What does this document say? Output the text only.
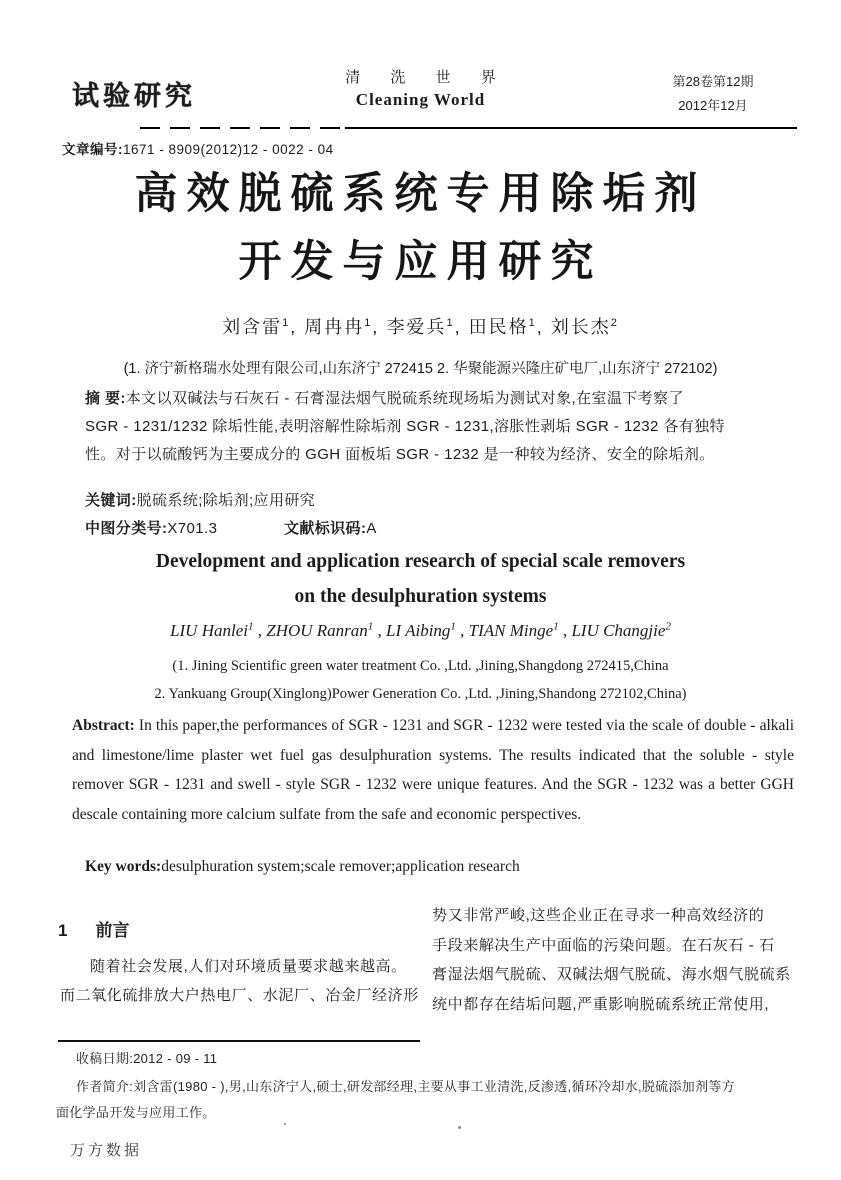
试验研究
清 洗 世 界
Cleaning World
第28卷第12期
2012年12月
文章编号:1671 - 8909(2012)12 - 0022 - 04
高效脱硫系统专用除垢剂
开发与应用研究
刘含雷$^1$, 周冉冉$^1$, 李爱兵$^1$, 田民格$^1$, 刘长杰$^2$
(1. 济宁新格瑞水处理有限公司,山东济宁 272415 2. 华聚能源兴隆庄矿电厂,山东济宁 272102)
摘 要:本文以双碱法与石灰石 - 石膏湿法烟气脱硫系统现场垢为测试对象,在室温下考察了
SGR - 1231/1232 除垢性能,表明溶解性除垢剂 SGR - 1231,溶胀性剥垢 SGR - 1232 各有独特
性。对于以硫酸钙为主要成分的 GGH 面板垢 SGR - 1232 是一种较为经济、安全的除垢剂。
关键词:脱硫系统;除垢剂;应用研究
中图分类号:X701.3	文献标识码:A
Development and application research of special scale removers
on the desulphuration systems
LIU Hanlei$^1$ , ZHOU Ranran$^1$ , LI Aibing$^1$ , TIAN Minge$^1$ , LIU Changjie$^2$
(1. Jining Scientific green water treatment Co. ,Ltd. ,Jining,Shangdong 272415,China
2. Yankuang Group(Xinglong)Power Generation Co. ,Ltd. ,Jining,Shandong 272102,China)
Abstract: In this paper,the performances of SGR - 1231 and SGR - 1232 were tested via the scale of double - alkali and limestone/lime plaster wet fuel gas desulphuration systems. The results indicated that the soluble - style remover SGR - 1231 and swell - style SGR - 1232 were unique features. And the SGR - 1232 was a better GGH descale containing more calcium sulfate from the safe and economic perspectives.
Key words:desulphuration system;scale remover;application research
1 前言
随着社会发展,人们对环境质量要求越来越高。
而二氧化硫排放大户热电厂、水泥厂、冶金厂经济形
势又非常严峻,这些企业正在寻求一种高效经济的
手段来解决生产中面临的污染问题。在石灰石 - 石
膏湿法烟气脱硫、双碱法烟气脱硫、海水烟气脱硫系
统中都存在结垢问题,严重影响脱硫系统正常使用,
收稿日期:2012 - 09 - 11
作者简介:刘含雷(1980 - ),男,山东济宁人,硕士,研发部经理,主要从事工业清洗,反渗透,循环冷却水,脱硫添加剂等方
面化学品开发与应用工作。
万方数据
